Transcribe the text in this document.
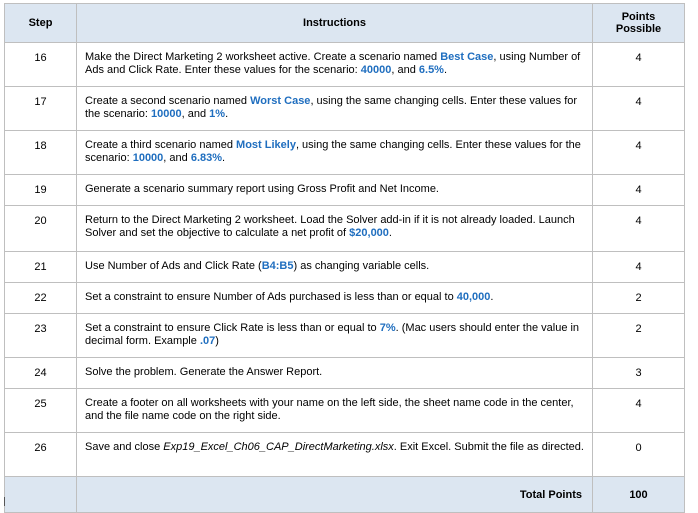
Step	Instructions	Points
Possible
16	Make the Direct Marketing 2 worksheet active. Create a scenario named Best Case, using Number of Ads and Click Rate. Enter these values for the scenario: 40000, and 6.5%.	4
17	Create a second scenario named Worst Case, using the same changing cells. Enter these values for the scenario: 10000, and 1%.	4
18	Create a third scenario named Most Likely, using the same changing cells. Enter these values for the scenario: 10000, and 6.83%.	4
19	Generate a scenario summary report using Gross Profit and Net Income.	4
20	Return to the Direct Marketing 2 worksheet. Load the Solver add-in if it is not already loaded. Launch Solver and set the objective to calculate a net profit of $20,000.	4
21	Use Number of Ads and Click Rate (B4:B5) as changing variable cells.	4
22	Set a constraint to ensure Number of Ads purchased is less than or equal to 40,000.	2
23	Set a constraint to ensure Click Rate is less than or equal to 7%. (Mac users should enter the value in decimal form. Example .07)	2
24	Solve the problem. Generate the Answer Report.	3
25	Create a footer on all worksheets with your name on the left side, the sheet name code in the center, and the file name code on the right side.	4
26	Save and close Exp19_Excel_Ch06_CAP_DirectMarketing.xlsx. Exit Excel. Submit the file as directed.	0
	Total Points	100
